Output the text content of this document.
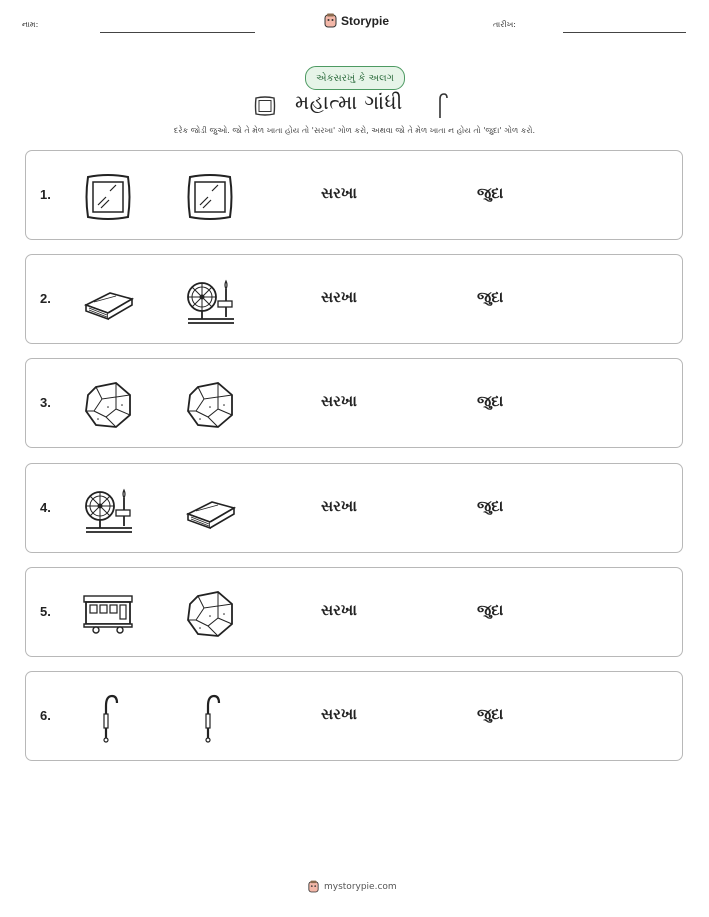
નામ:	Storypie	તારીખ:
એકસરખું કે અલગ
મહાત્મા ગાંધી
દરેક જોડી જુઓ. જો તે મેળ ખાતા હોય તો 'સરખા' ગોળ કરો, અથવા જો તે મેળ ખાતા ન હોય તો 'જુદા' ગોળ કરો.
1.	સરખા	જુદા
2.	સરખા	જુદા
3.	સરખા	જુદા
4.	સરખા	જુદા
5.	સરખા	જુદા
6.	સરખા	જુદા
mystorypie.com
